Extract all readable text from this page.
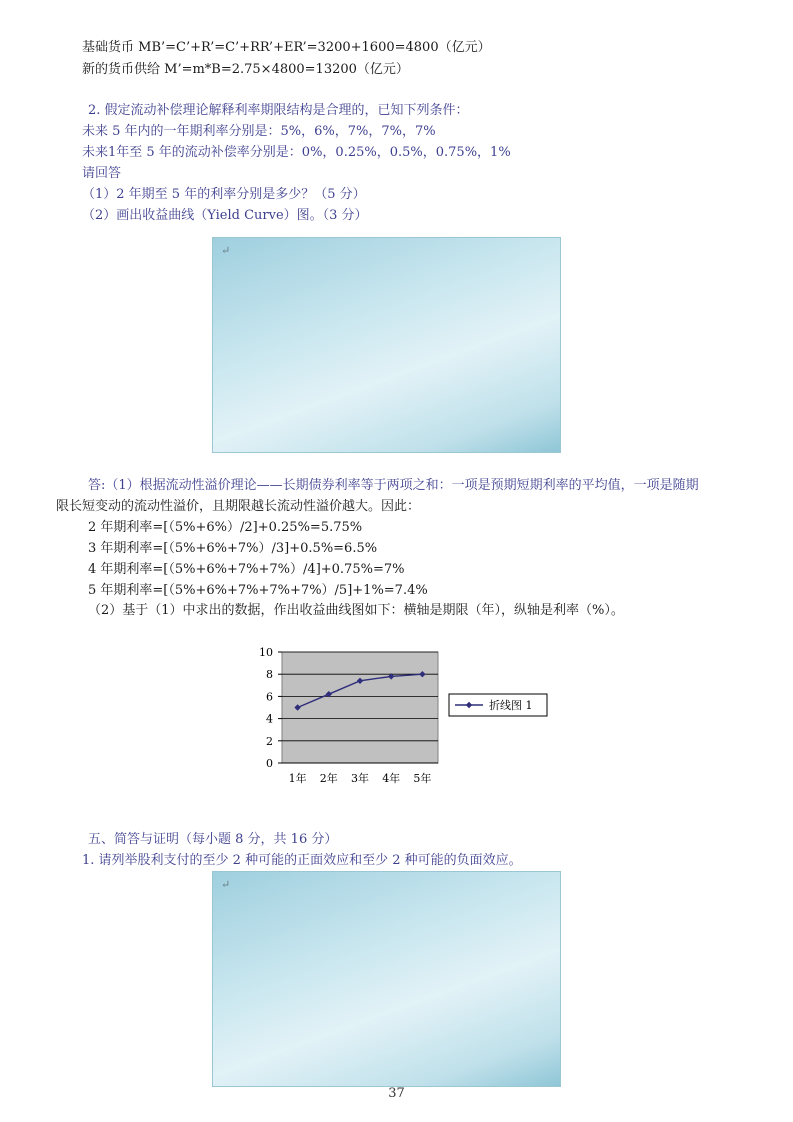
基础货币 MB’=C’+R’=C’+RR’+ER’=3200+1600=4800（亿元）
新的货币供给 M’=m*B=2.75×4800=13200（亿元）
2. 假定流动补偿理论解释利率期限结构是合理的，已知下列条件：
未来 5 年内的一年期利率分别是：5%，6%，7%，7%，7%
未来1年至 5 年的流动补偿率分别是：0%，0.25%，0.5%，0.75%，1%
请回答
（1）2 年期至 5 年的利率分别是多少？（5 分）
（2）画出收益曲线（Yield Curve）图。（3 分）
↵
答:（1）根据流动性溢价理论——长期债券利率等于两项之和：一项是预期短期利率的平均值，一项是随期
限长短变动的流动性溢价，且期限越长流动性溢价越大。因此：
2 年期利率=[（5%+6%）/2]+0.25%=5.75%
3 年期利率=[（5%+6%+7%）/3]+0.5%=6.5%
4 年期利率=[（5%+6%+7%+7%）/4]+0.75%=7%
5 年期利率=[（5%+6%+7%+7%+7%）/5]+1%=7.4%
（2）基于（1）中求出的数据，作出收益曲线图如下：横轴是期限（年），纵轴是利率（%）。
0
2
4
6
8
10
1年 2年 3年 4年 5年
折线图 1
五、简答与证明（每小题 8 分，共 16 分）
1. 请列举股利支付的至少 2 种可能的正面效应和至少 2 种可能的负面效应。
↵
37
